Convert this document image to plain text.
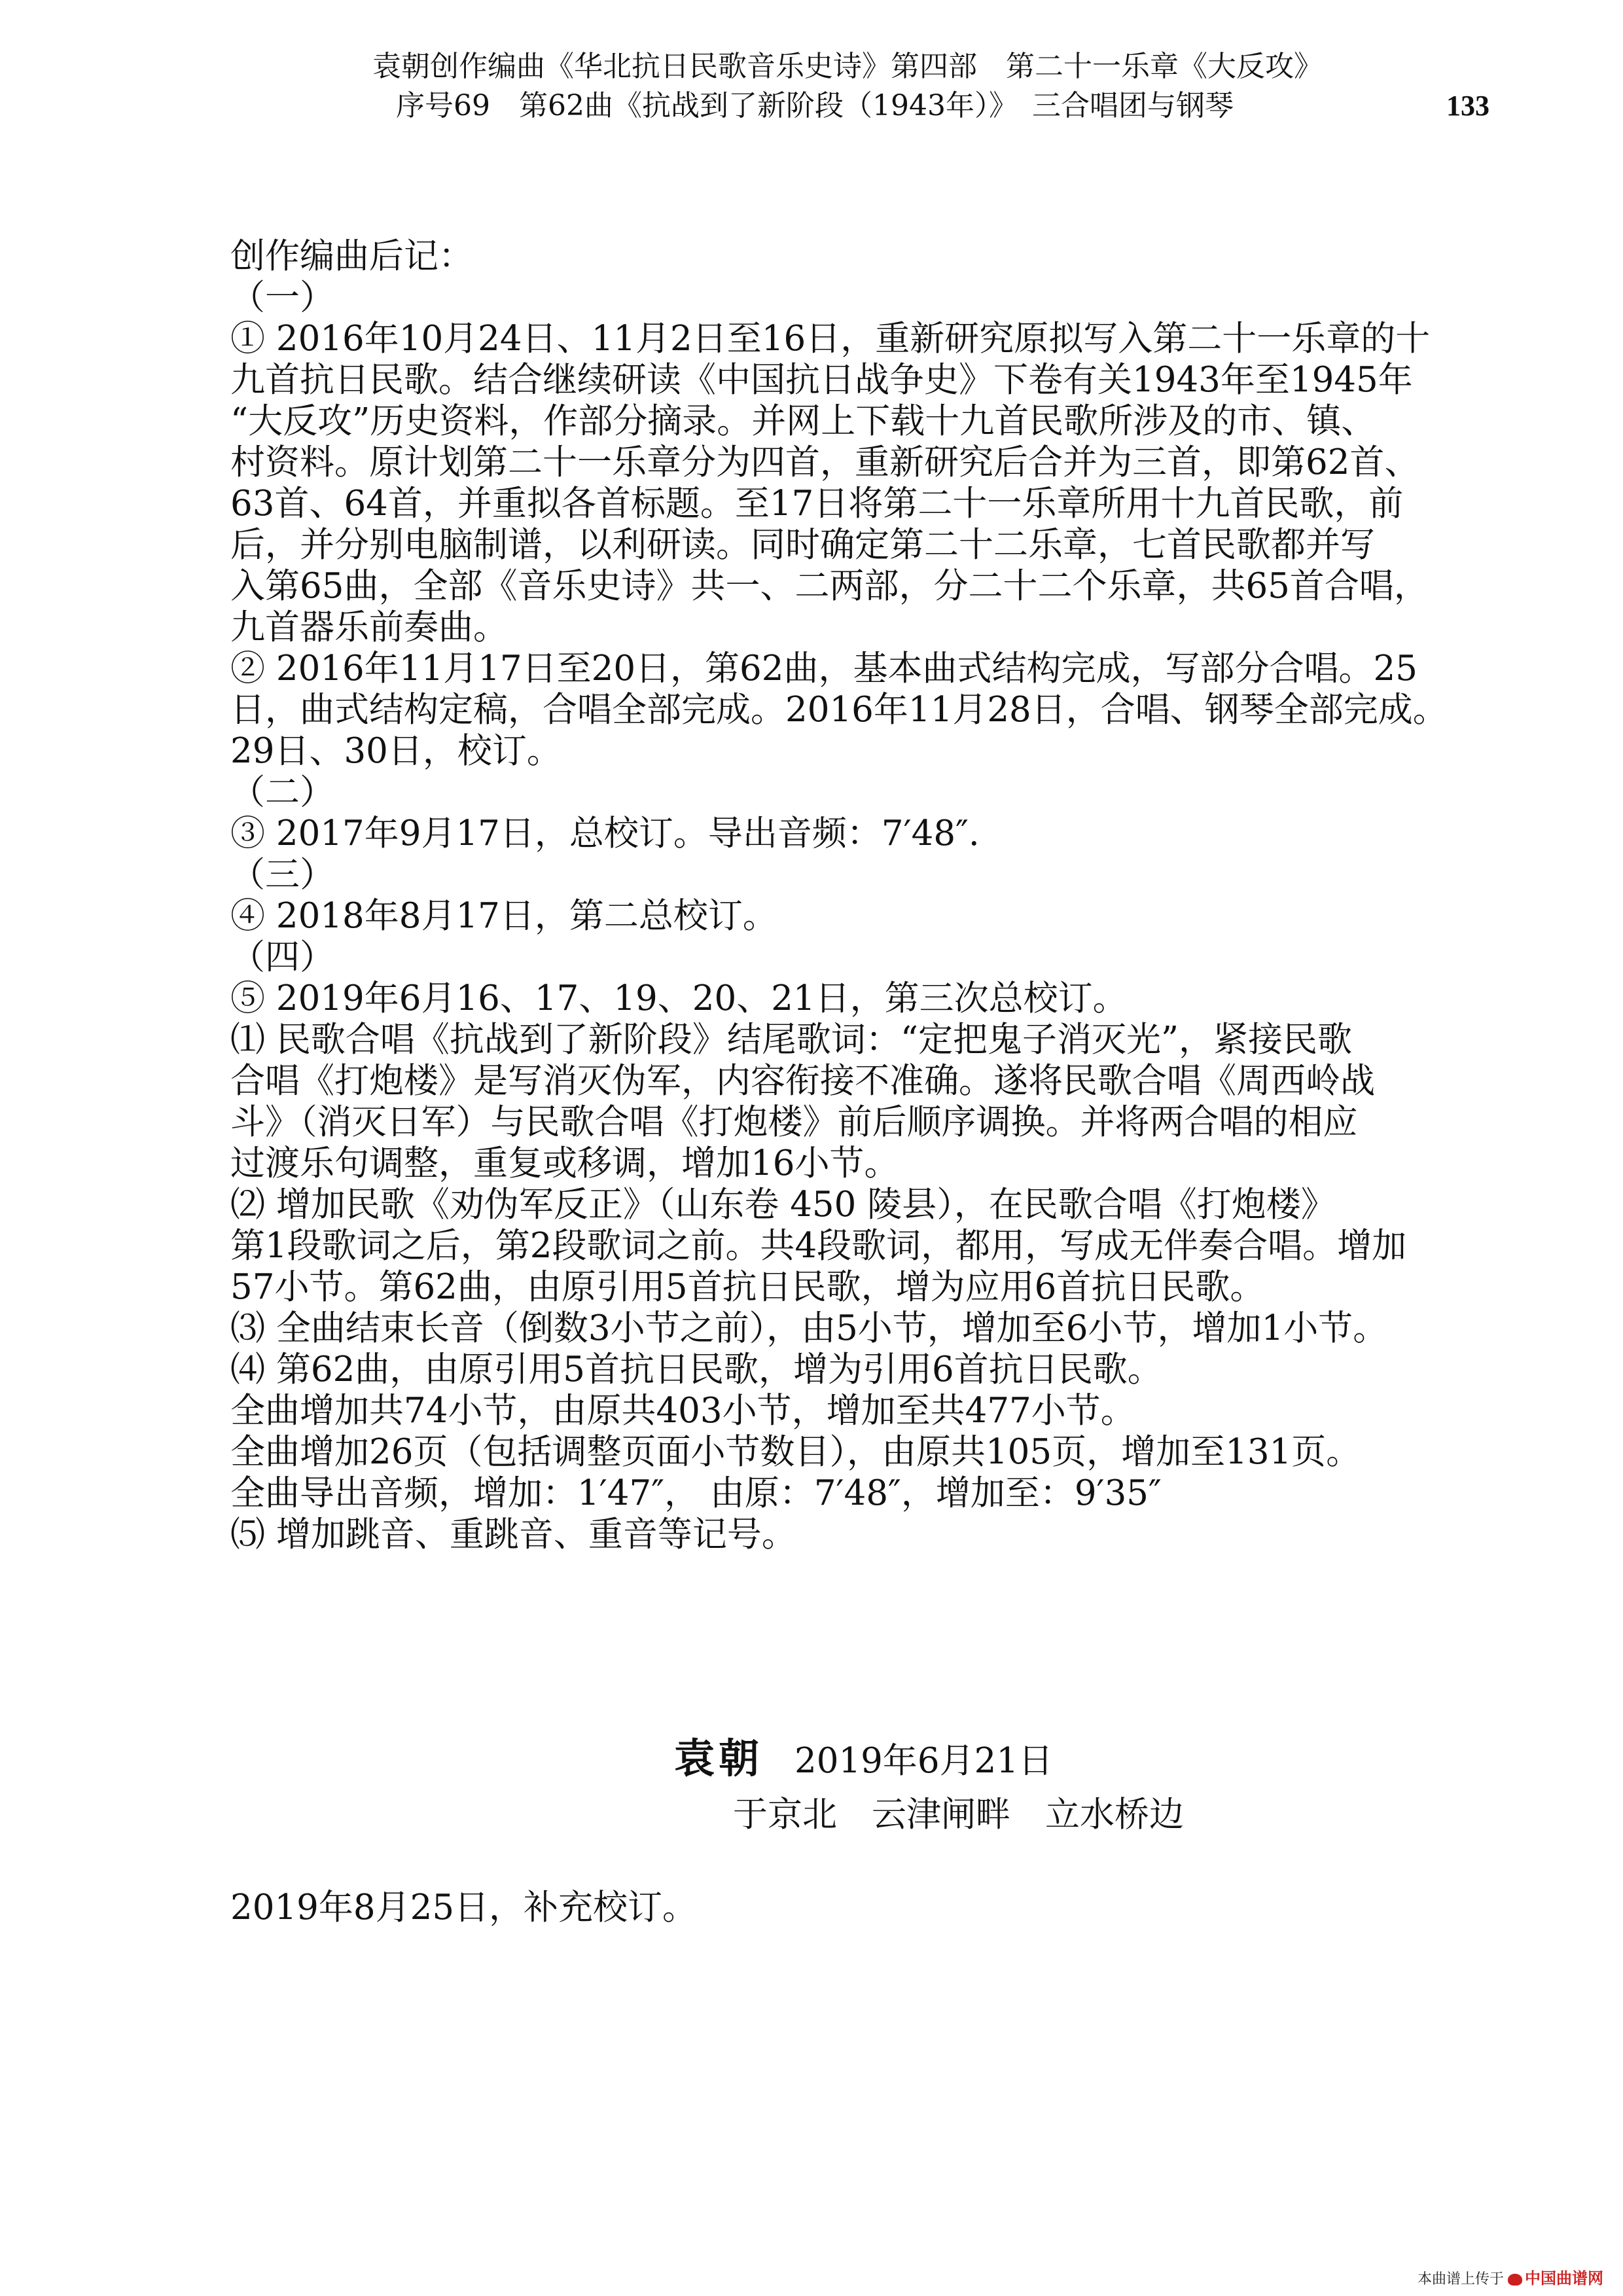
袁朝创作编曲《华北抗日民歌音乐史诗》第四部　第二十一乐章《大反攻》
序号69　第62曲《抗战到了新阶段（1943年）》　三合唱团与钢琴	133
创作编曲后记：
（一）
① 2016年10月24日、11月2日至16日，重新研究原拟写入第二十一乐章的十
九首抗日民歌。结合继续研读《中国抗日战争史》下卷有关1943年至1945年
“大反攻”历史资料，作部分摘录。并网上下载十九首民歌所涉及的市、镇、
村资料。原计划第二十一乐章分为四首，重新研究后合并为三首，即第62首、
63首、64首，并重拟各首标题。至17日将第二十一乐章所用十九首民歌，前
后，并分别电脑制谱，以利研读。同时确定第二十二乐章，七首民歌都并写
入第65曲，全部《音乐史诗》共一、二两部，分二十二个乐章，共65首合唱，
九首器乐前奏曲。
② 2016年11月17日至20日，第62曲，基本曲式结构完成，写部分合唱。25
日，曲式结构定稿，合唱全部完成。2016年11月28日，合唱、钢琴全部完成。
29日、30日，校订。
（二）
③ 2017年9月17日，总校订。导出音频：7′48″.
（三）
④ 2018年8月17日，第二总校订。
（四）
⑤ 2019年6月16、17、19、20、21日，第三次总校订。
⑴ 民歌合唱《抗战到了新阶段》结尾歌词：“定把鬼子消灭光”，紧接民歌
合唱《打炮楼》是写消灭伪军，内容衔接不准确。遂将民歌合唱《周西岭战
斗》（消灭日军）与民歌合唱《打炮楼》前后顺序调换。并将两合唱的相应
过渡乐句调整，重复或移调，增加16小节。
⑵ 增加民歌《劝伪军反正》（山东卷 450 陵县），在民歌合唱《打炮楼》
第1段歌词之后，第2段歌词之前。共4段歌词，都用，写成无伴奏合唱。增加
57小节。第62曲，由原引用5首抗日民歌，增为应用6首抗日民歌。
⑶ 全曲结束长音（倒数3小节之前），由5小节，增加至6小节，增加1小节。
⑷ 第62曲，由原引用5首抗日民歌，增为引用6首抗日民歌。
全曲增加共74小节，由原共403小节，增加至共477小节。
全曲增加26页（包括调整页面小节数目），由原共105页，增加至131页。
全曲导出音频，增加：1′47″， 由原：7′48″，增加至：9′35″
⑸ 增加跳音、重跳音、重音等记号。
袁朝 2019年6月21日
于京北　云津闸畔　立水桥边
2019年8月25日，补充校订。
本曲谱上传于 中国曲谱网
